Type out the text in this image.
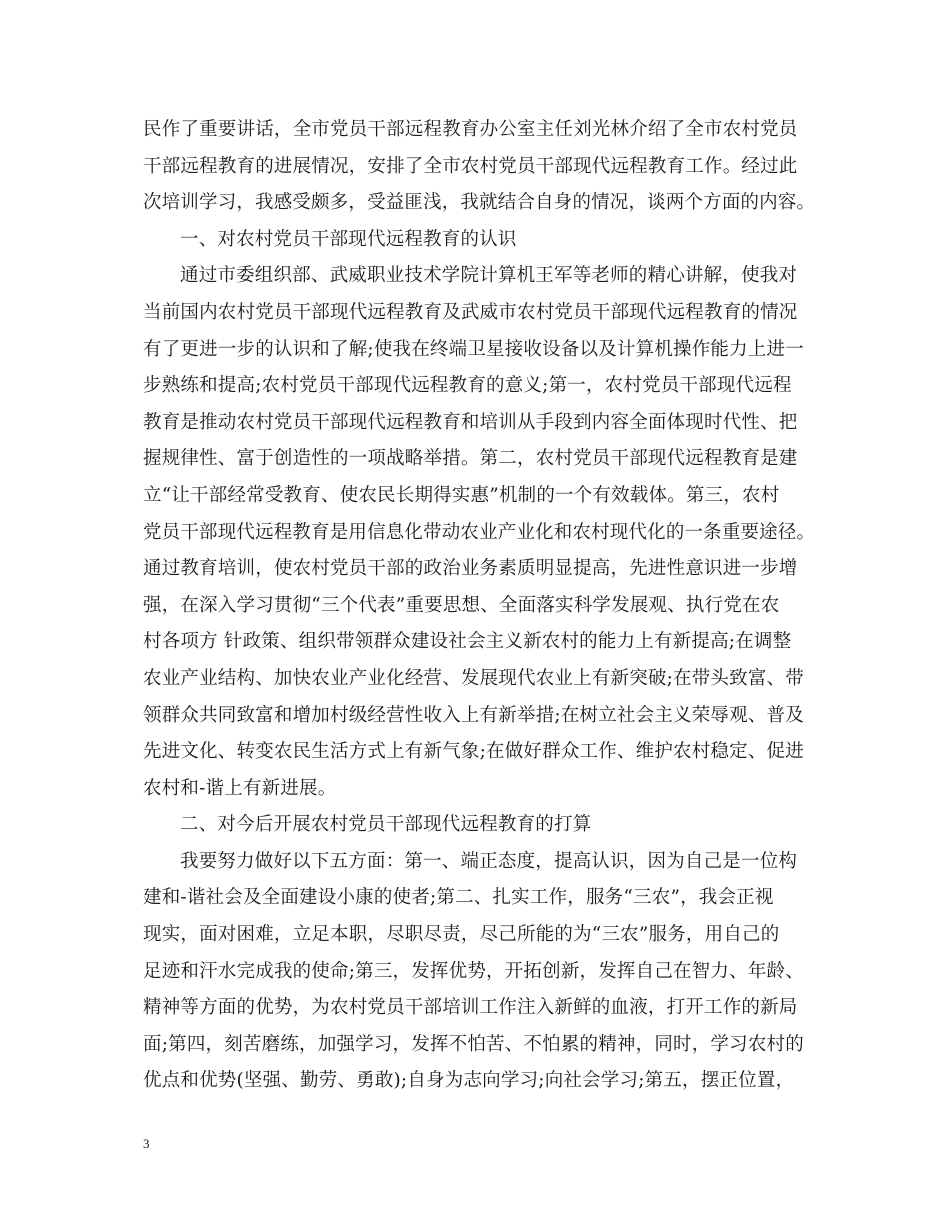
民作了重要讲话，全市党员干部远程教育办公室主任刘光林介绍了全市农村党员
干部远程教育的进展情况，安排了全市农村党员干部现代远程教育工作。经过此
次培训学习，我感受颇多，受益匪浅，我就结合自身的情况，谈两个方面的内容。
一、对农村党员干部现代远程教育的认识
通过市委组织部、武威职业技术学院计算机王军等老师的精心讲解，使我对
当前国内农村党员干部现代远程教育及武威市农村党员干部现代远程教育的情况
有了更进一步的认识和了解;使我在终端卫星接收设备以及计算机操作能力上进一
步熟练和提高;农村党员干部现代远程教育的意义;第一，农村党员干部现代远程
教育是推动农村党员干部现代远程教育和培训从手段到内容全面体现时代性、把
握规律性、富于创造性的一项战略举措。第二，农村党员干部现代远程教育是建
立“让干部经常受教育、使农民长期得实惠”机制的一个有效载体。第三，农村
党员干部现代远程教育是用信息化带动农业产业化和农村现代化的一条重要途径。
通过教育培训，使农村党员干部的政治业务素质明显提高，先进性意识进一步增
强，在深入学习贯彻“三个代表”重要思想、全面落实科学发展观、执行党在农
村各项方 针政策、组织带领群众建设社会主义新农村的能力上有新提高;在调整
农业产业结构、加快农业产业化经营、发展现代农业上有新突破;在带头致富、带
领群众共同致富和增加村级经营性收入上有新举措;在树立社会主义荣辱观、普及
先进文化、转变农民生活方式上有新气象;在做好群众工作、维护农村稳定、促进
农村和-谐上有新进展。
二、对今后开展农村党员干部现代远程教育的打算
我要努力做好以下五方面：第一、端正态度，提高认识，因为自己是一位构
建和-谐社会及全面建设小康的使者;第二、扎实工作，服务“三农”，我会正视
现实，面对困难，立足本职，尽职尽责，尽己所能的为“三农”服务，用自己的
足迹和汗水完成我的使命;第三，发挥优势，开拓创新，发挥自己在智力、年龄、
精神等方面的优势，为农村党员干部培训工作注入新鲜的血液，打开工作的新局
面;第四，刻苦磨练，加强学习，发挥不怕苦、不怕累的精神，同时，学习农村的
优点和优势(坚强、勤劳、勇敢);自身为志向学习;向社会学习;第五，摆正位置，
3
